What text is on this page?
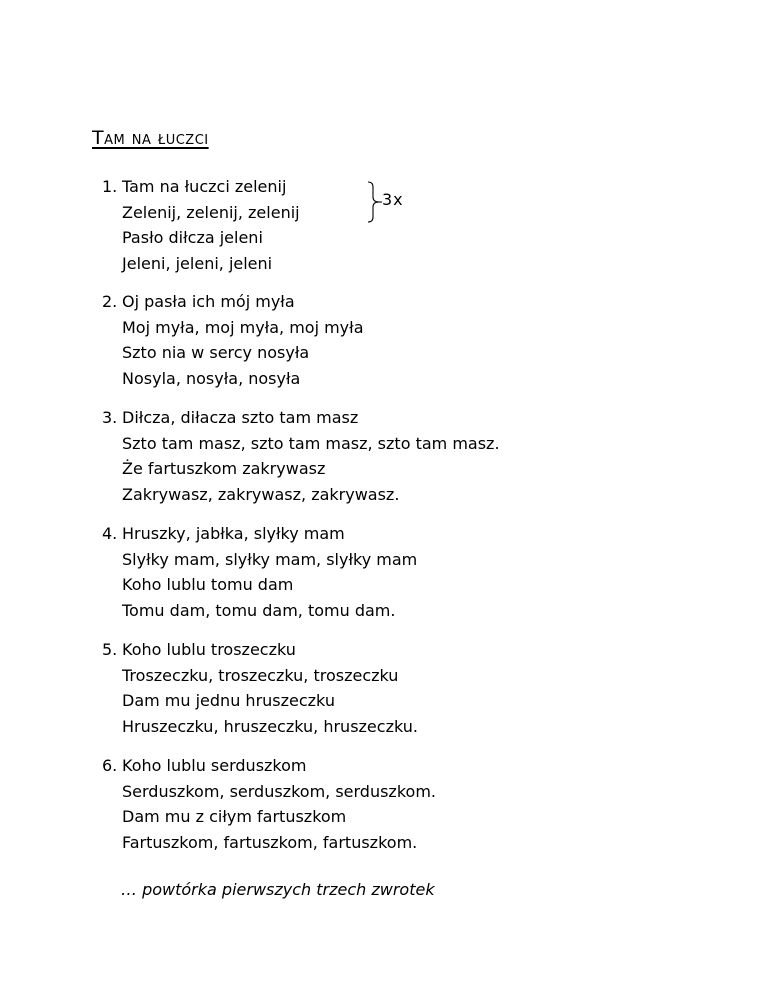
Tam na łuczci
1. Tam na łuczci zelenij
Zelenij, zelenij, zelenij
Pasło diłcza jeleni
Jeleni, jeleni, jeleni
3x
2. Oj pasła ich mój myła
Moj myła, moj myła, moj myła
Szto nia w sercy nosyła
Nosyla, nosyła, nosyła
3. Diłcza, diłacza szto tam masz
Szto tam masz, szto tam masz, szto tam masz.
Że fartuszkom zakrywasz
Zakrywasz, zakrywasz, zakrywasz.
4. Hruszky, jabłka, slyłky mam
Slyłky mam, slyłky mam, slyłky mam
Koho lublu tomu dam
Tomu dam, tomu dam, tomu dam.
5. Koho lublu troszeczku
Troszeczku, troszeczku, troszeczku
Dam mu jednu hruszeczku
Hruszeczku, hruszeczku, hruszeczku.
6. Koho lublu serduszkom
Serduszkom, serduszkom, serduszkom.
Dam mu z ciłym fartuszkom
Fartuszkom, fartuszkom, fartuszkom.
… powtórka pierwszych trzech zwrotek
